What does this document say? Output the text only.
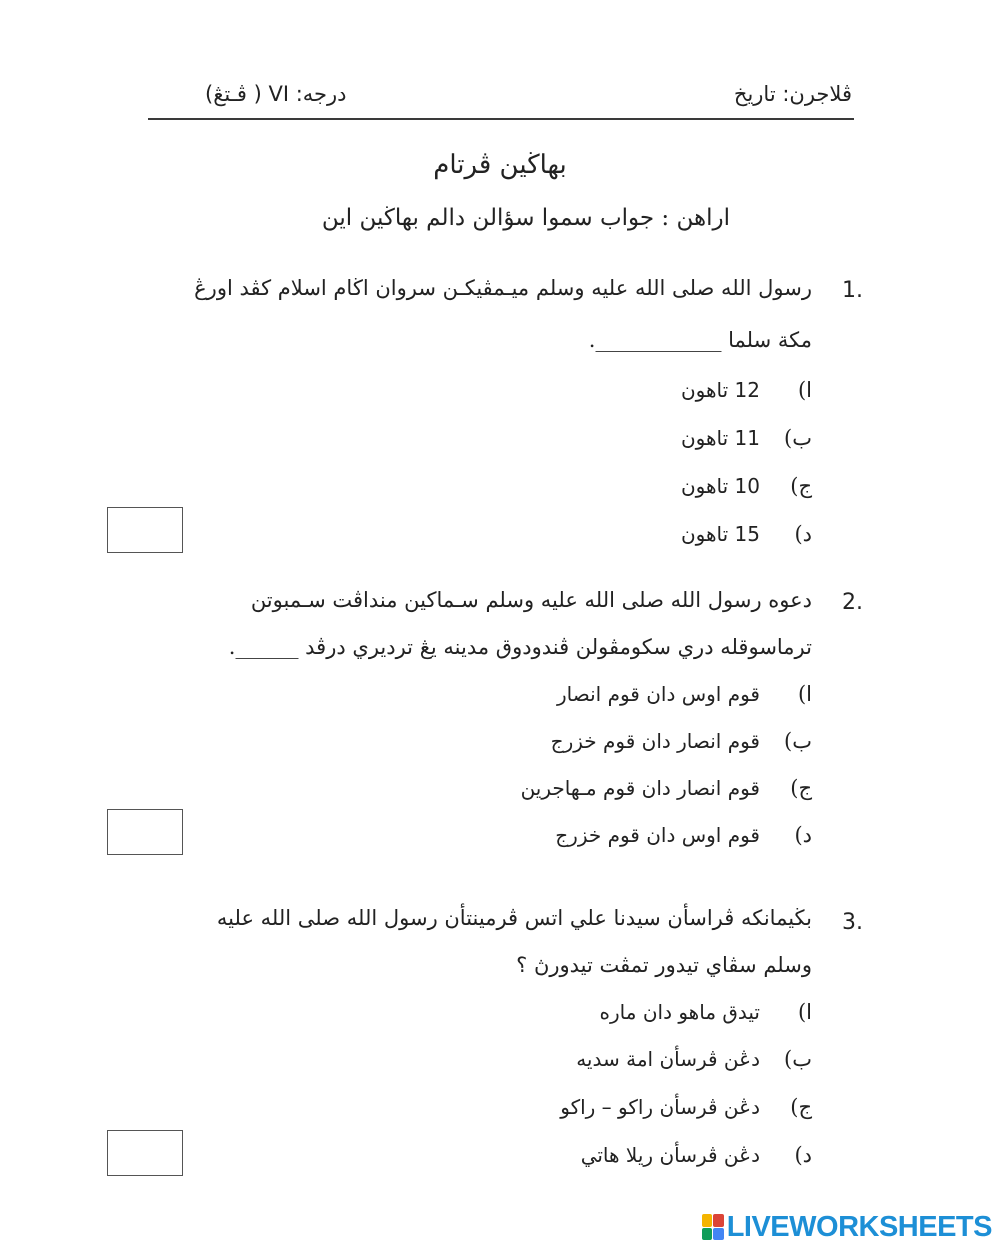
ڤلاجرن: تاريخ
درجه: VI ( ڤـتڠ)
بهاڬين ڤرتام
اراهن : جواب سموا سؤالن دالم بهاڬين اين
1.
رسول الله صلى الله عليه وسلم ميـمڤيكـن سروان اڬام اسلام كڤد اورڠ
مكة سلما ____________.
ا)
12 تاهون
ب)
11 تاهون
ج)
10 تاهون
د)
15 تاهون
2.
دعوه رسول الله صلى الله عليه وسلم سـماكين منداڤت سـمبوتن
ترماسوقله دري سكومڤولن ڤندودوق مدينه يڠ ترديري درڤد ______.
ا)
قوم اوس دان قوم انصار
ب)
قوم انصار دان قوم خزرج
ج)
قوم انصار دان قوم مـهاجرين
د)
قوم اوس دان قوم خزرج
3.
بڬيمانكه ڤراسأن سيدنا علي اتس ڤرمينتأن رسول الله صلى الله عليه
وسلم سڤاي تيدور تمڤت تيدورڽ ؟
ا)
تيدق ماهو دان ماره
ب)
دڠن ڤرسأن امة سديه
ج)
دڠن ڤرسأن راكو – راكو
د)
دڠن ڤرسأن ريلا هاتي
LIVEWORKSHEETS
